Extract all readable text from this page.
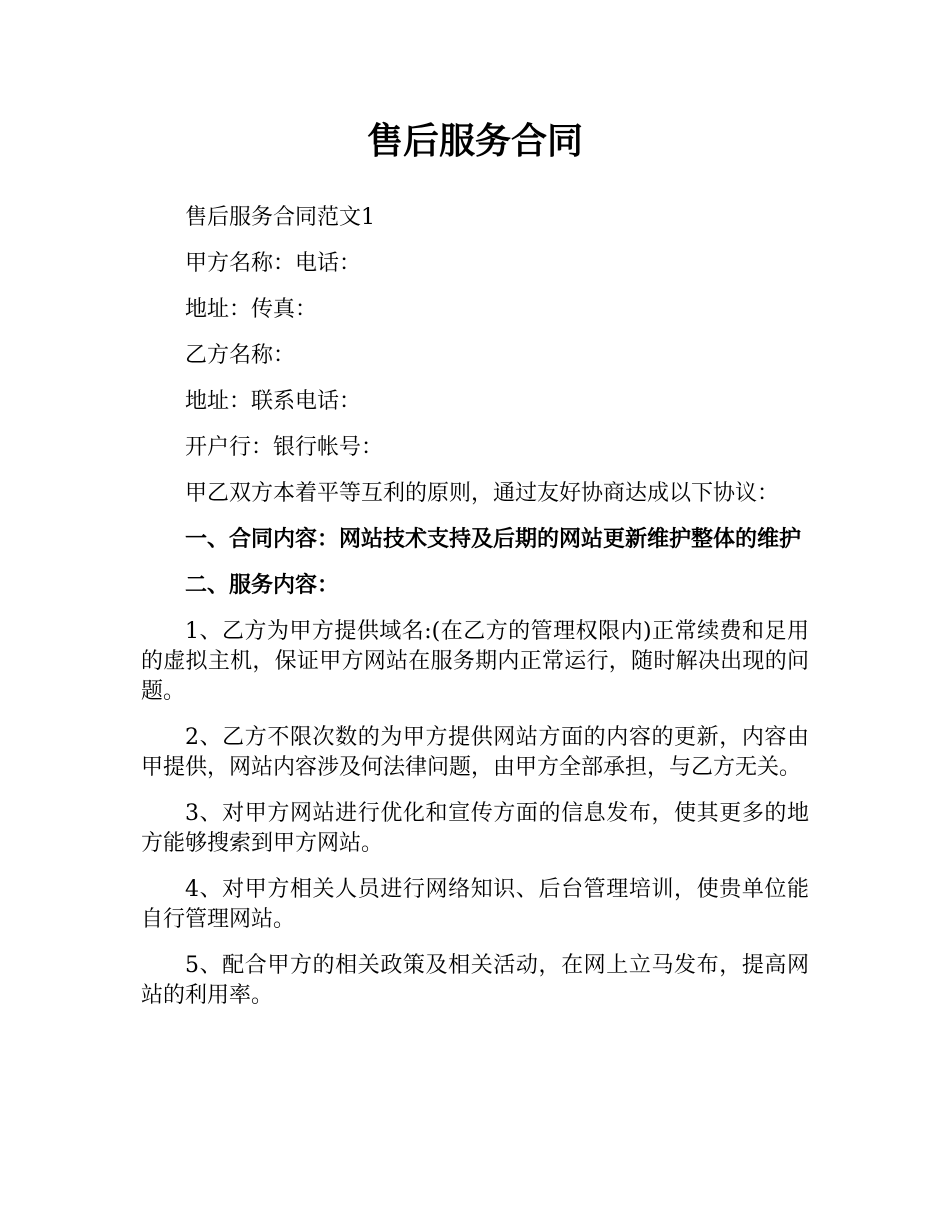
售后服务合同

售后服务合同范文1

甲方名称：电话：

地址：传真：

乙方名称：

地址：联系电话：

开户行：银行帐号：

甲乙双方本着平等互利的原则，通过友好协商达成以下协议：

一、合同内容：网站技术支持及后期的网站更新维护整体的维护

二、服务内容：

1、乙方为甲方提供域名:(在乙方的管理权限内)正常续费和足用的虚拟主机，保证甲方网站在服务期内正常运行，随时解决出现的问题。

2、乙方不限次数的为甲方提供网站方面的内容的更新，内容由甲提供，网站内容涉及何法律问题，由甲方全部承担，与乙方无关。

3、对甲方网站进行优化和宣传方面的信息发布，使其更多的地方能够搜索到甲方网站。

4、对甲方相关人员进行网络知识、后台管理培训，使贵单位能自行管理网站。

5、配合甲方的相关政策及相关活动，在网上立马发布，提高网站的利用率。
